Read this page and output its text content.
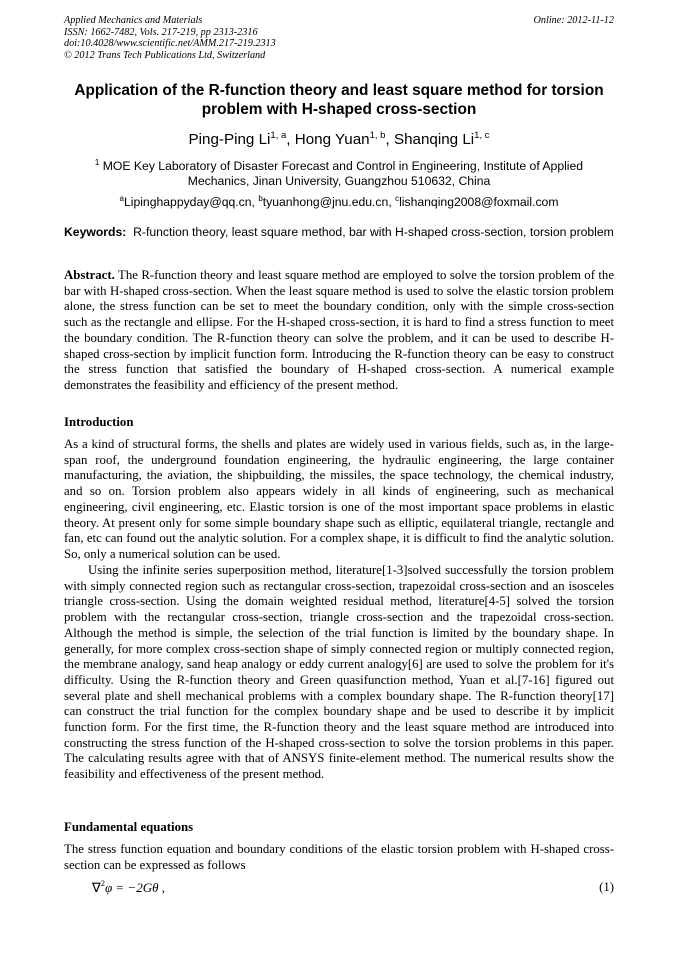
Applied Mechanics and Materials
ISSN: 1662-7482, Vols. 217-219, pp 2313-2316
doi:10.4028/www.scientific.net/AMM.217-219.2313
© 2012 Trans Tech Publications Ltd, Switzerland
Online: 2012-11-12
Application of the R-function theory and least square method for torsion problem with H-shaped cross-section
Ping-Ping Li$^{1, a}$, Hong Yuan$^{1, b}$, Shanqing Li$^{1, c}$
$^1$ MOE Key Laboratory of Disaster Forecast and Control in Engineering, Institute of Applied Mechanics, Jinan University, Guangzhou 510632, China
$^a$Lipinghappyday@qq.cn, $^b$tyuanhong@jnu.edu.cn, $^c$lishanqing2008@foxmail.com
Keywords: R-function theory, least square method, bar with H-shaped cross-section, torsion problem
Abstract. The R-function theory and least square method are employed to solve the torsion problem of the bar with H-shaped cross-section. When the least square method is used to solve the elastic torsion problem alone, the stress function can be set to meet the boundary condition, only with the simple cross-section such as the rectangle and ellipse. For the H-shaped cross-section, it is hard to find a stress function to meet the boundary condition. The R-function theory can solve the problem, and it can be used to describe H-shaped cross-section by implicit function form. Introducing the R-function theory can be easy to construct the stress function that satisfied the boundary of H-shaped cross-section. A numerical example demonstrates the feasibility and efficiency of the present method.
Introduction
As a kind of structural forms, the shells and plates are widely used in various fields, such as, in the large-span roof, the underground foundation engineering, the hydraulic engineering, the large container manufacturing, the aviation, the shipbuilding, the missiles, the space technology, the chemical industry, and so on. Torsion problem also appears widely in all kinds of engineering, such as mechanical engineering, civil engineering, etc. Elastic torsion is one of the most important space problems in elastic theory. At present only for some simple boundary shape such as elliptic, equilateral triangle, rectangle and fan, etc can found out the analytic solution. For a complex shape, it is difficult to find the analytic solution. So, only a numerical solution can be used.
Using the infinite series superposition method, literature[1-3]solved successfully the torsion problem with simply connected region such as rectangular cross-section, trapezoidal cross-section and an isosceles triangle cross-section. Using the domain weighted residual method, literature[4-5] solved the torsion problem with the rectangular cross-section, triangle cross-section and the trapezoidal cross-section. Although the method is simple, the selection of the trial function is limited by the boundary shape. In generally, for more complex cross-section shape of simply connected region or multiply connected region, the membrane analogy, sand heap analogy or eddy current analogy[6] are used to solve the problem for it's difficulty. Using the R-function theory and Green quasifunction method, Yuan et al.[7-16] figured out several plate and shell mechanical problems with a complex boundary shape. The R-function theory[17] can construct the trial function for the complex boundary shape and be used to describe it by implicit function form. For the first time, the R-function theory and the least square method are introduced into constructing the stress function of the H-shaped cross-section to solve the torsion problems in this paper. The calculating results agree with that of ANSYS finite-element method. The numerical results show the feasibility and effectiveness of the present method.
Fundamental equations
The stress function equation and boundary conditions of the elastic torsion problem with H-shaped cross-section can be expressed as follows
∇$^2$φ = −2Gθ ,	(1)
